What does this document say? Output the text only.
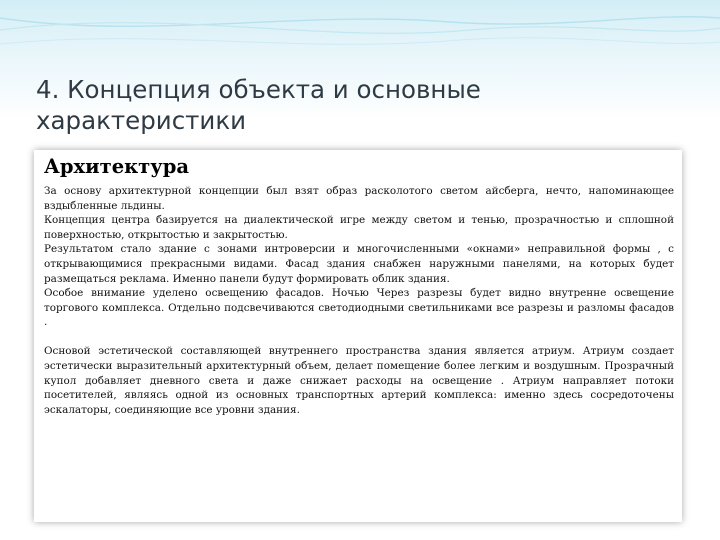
4. Концепция объекта и основные характеристики
Архитектура

За основу архитектурной концепции был взят образ расколотого светом айсберга, нечто, напоминающее вздыбленные льдины.

Концепция центра базируется на диалектической игре между светом и тенью, прозрачностью и сплошной поверхностью, открытостью и закрытостью.

Результатом стало здание с зонами интроверсии и многочисленными «окнами» неправильной формы , с открывающимися прекрасными видами. Фасад здания снабжен наружными панелями, на которых будет размещаться реклама. Именно панели будут формировать облик здания.

Особое внимание уделено освещению фасадов. Ночью Через разрезы будет видно внутренне освещение торгового комплекса. Отдельно подсвечиваются светодиодными светильниками все разрезы и разломы фасадов .

Основой эстетической составляющей внутреннего пространства здания является атриум. Атриум создает эстетически выразительный архитектурный объем, делает помещение более легким и воздушным. Прозрачный купол добавляет дневного света и даже снижает расходы на освещение . Атриум направляет потоки посетителей, являясь одной из основных транспортных артерий комплекса: именно здесь сосредоточены эскалаторы, соединяющие все уровни здания.
